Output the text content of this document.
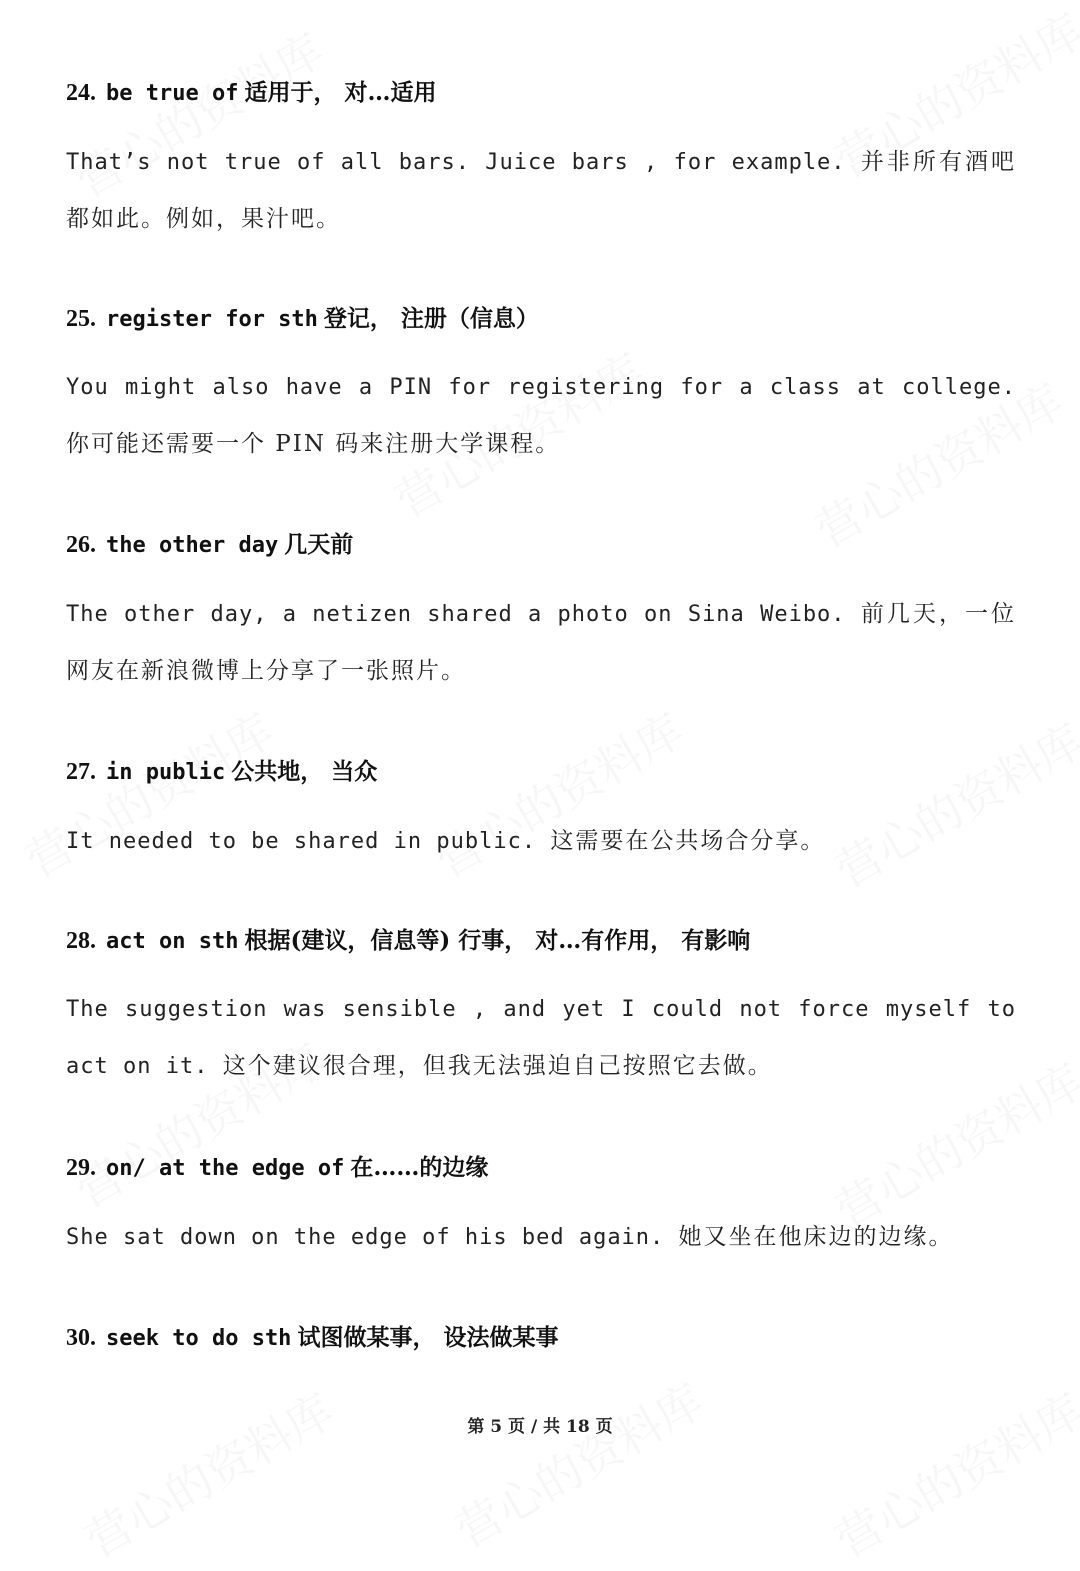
24. be true of 适用于， 对…适用
That’s not true of all bars. Juice bars , for example. 并非所有酒吧都如此。例如，果汁吧。
25. register for sth 登记， 注册（信息）
You might also have a PIN for registering for a class at college. 你可能还需要一个 PIN 码来注册大学课程。
26. the other day 几天前
The other day, a netizen shared a photo on Sina Weibo. 前几天，一位网友在新浪微博上分享了一张照片。
27. in public 公共地， 当众
It needed to be shared in public. 这需要在公共场合分享。
28. act on sth 根据(建议，信息等) 行事， 对…有作用， 有影响
The suggestion was sensible , and yet I could not force myself to act on it. 这个建议很合理，但我无法强迫自己按照它去做。
29. on/ at the edge of 在……的边缘
She sat down on the edge of his bed again. 她又坐在他床边的边缘。
30. seek to do sth 试图做某事， 设法做某事
第 5 页 / 共 18 页
